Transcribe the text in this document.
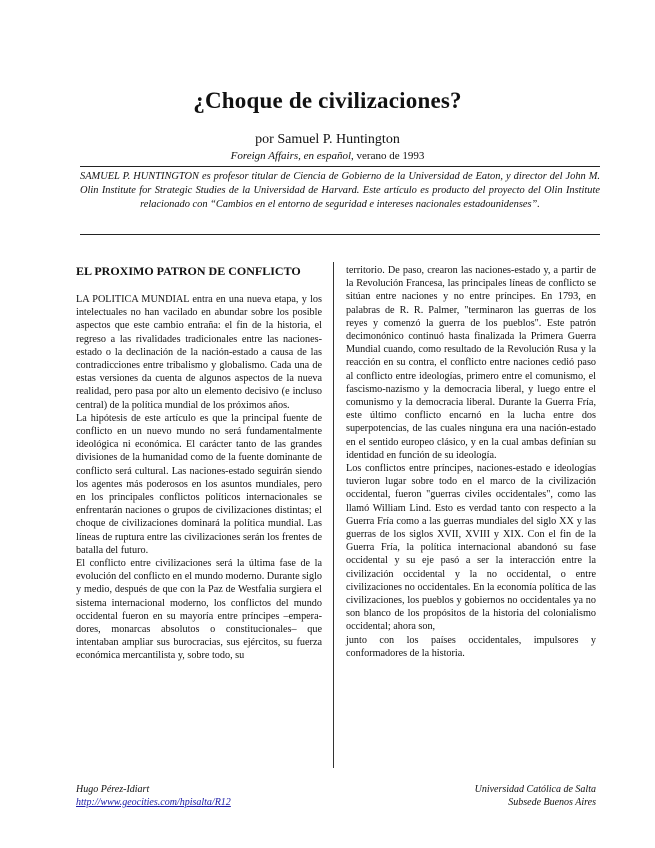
¿Choque de civilizaciones?

por Samuel P. Huntington

Foreign Affairs, en español, verano de 1993

SAMUEL P. HUNTINGTON es profesor titular de Ciencia de Gobierno de la Universidad de Eaton, y director del John M. Olin Institute for Strategic Studies de la Universidad de Harvard. Este artículo es producto del proyecto del Olin Institute relacionado con “Cambios en el entorno de seguridad e intereses nacionales estadounidenses”.

EL PROXIMO PATRON DE CONFLICTO

LA POLITICA MUNDIAL entra en una nueva etapa, y los intelectuales no han vacilado en abundar sobre los posible aspectos que este cambio entraña: el fin de la historia, el regreso a las rivalidades tradicionales entre las naciones-estado o la declinación de la nación-estado a causa de las contradicciones entre tribalismo y globalismo. Cada una de estas versiones da cuenta de algunos aspectos de la nueva realidad, pero pasa por alto un elemento decisivo (e incluso central) de la política mundial de los próximos años.

La hipótesis de este artículo es que la principal fuente de conflicto en un nuevo mundo no será fundamentalmente ideológica ni económica. El carácter tanto de las grandes divisiones de la humanidad como de la fuente dominante de conflicto será cultural. Las naciones-estado seguirán siendo los agentes más poderosos en los asuntos mundiales, pero en los principales conflictos políticos internacionales se enfrentarán naciones o grupos de civilizaciones distintas; el choque de civilizaciones dominará la política mundial. Las líneas de ruptura entre las civilizaciones serán los frentes de batalla del futuro.

El conflicto entre civilizaciones será la última fase de la evolución del conflicto en el mundo moderno. Durante siglo y medio, después de que con la Paz de Westfalia surgiera el sistema internacional moderno, los conflictos del mundo occidental fueron en su mayoría entre príncipes –empera-dores, monarcas absolutos o constitucionales– que intentaban ampliar sus burocracias, sus ejércitos, su fuerza económica mercantilista y, sobre todo, su

territorio. De paso, crearon las naciones-estado y, a partir de la Revolución Francesa, las principales líneas de conflicto se sitúan entre naciones y no entre príncipes. En 1793, en palabras de R. R. Palmer, "terminaron las guerras de los reyes y comenzó la guerra de los pueblos". Este patrón decimonónico continuó hasta finalizada la Primera Guerra Mundial cuando, como resultado de la Revolución Rusa y la reacción en su contra, el conflicto entre naciones cedió paso al conflicto entre ideologías, primero entre el comunismo, el fascismo-nazismo y la democracia liberal, y luego entre el comunismo y la democracia liberal. Durante la Guerra Fría, este último conflicto encarnó en la lucha entre dos superpotencias, de las cuales ninguna era una nación-estado en el sentido europeo clásico, y en la cual ambas definían su identidad en función de su ideología.

Los conflictos entre príncipes, naciones-estado e ideologías tuvieron lugar sobre todo en el marco de la civilización occidental, fueron "guerras civiles occidentales", como las llamó William Lind. Esto es verdad tanto con respecto a la Guerra Fría como a las guerras mundiales del siglo XX y las guerras de los siglos XVII, XVIII y XIX. Con el fin de la Guerra Fría, la política internacional abandonó su fase occidental y su eje pasó a ser la interacción entre la civilización occidental y la no occidental, o entre civilizaciones no occidentales. En la economía política de las civilizaciones, los pueblos y gobiernos no occidentales ya no son blanco de los propósitos de la historia del colonialismo occidental; ahora son,

junto con los países occidentales, impulsores y conformadores de la historia.

Hugo Pérez-Idiart

http://www.geocities.com/hpisalta/R12

Universidad Católica de Salta

Subsede Buenos Aires
